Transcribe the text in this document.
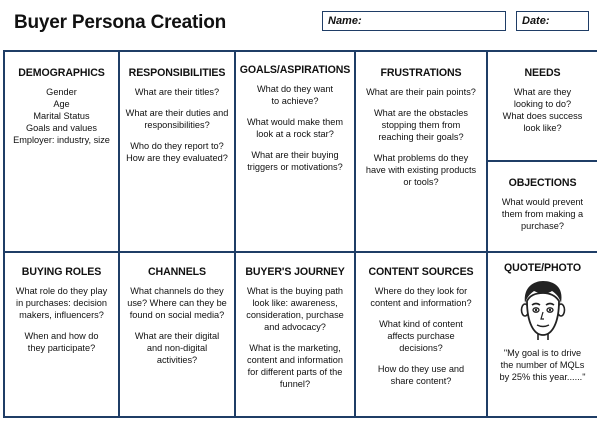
Buyer Persona Creation	Name:	Date:
DEMOGRAPHICS
Gender
Age
Marital Status
Goals and values
Employer: industry, size
RESPONSIBILITIES

What are their titles?

What are their duties and responsibilities?

Who do they report to? How are they evaluated?

GOALS/ASPIRATIONS

What do they want to achieve?

What would make them look at a rock star?

What are their buying triggers or motivations?

FRUSTRATIONS

What are their pain points?

What are the obstacles stopping them from reaching their goals?

What problems do they have with existing products or tools?

NEEDS

What are they looking to do?

What does success look like?

OBJECTIONS

What would prevent them from making a purchase?

BUYING ROLES

What role do they play in purchases: decision makers, influencers?

When and how do they participate?

CHANNELS

What channels do they use? Where can they be found on social media?

What are their digital and non-digital activities?

BUYER'S JOURNEY

What is the buying path look like: awareness, consideration, purchase and advocacy?

What is the marketing, content and information for different parts of the funnel?

CONTENT SOURCES

Where do they look for content and information?

What kind of content affects purchase decisions?

How do they use and share content?

QUOTE/PHOTO

"My goal is to drive the number of MQLs by 25% this year......"
